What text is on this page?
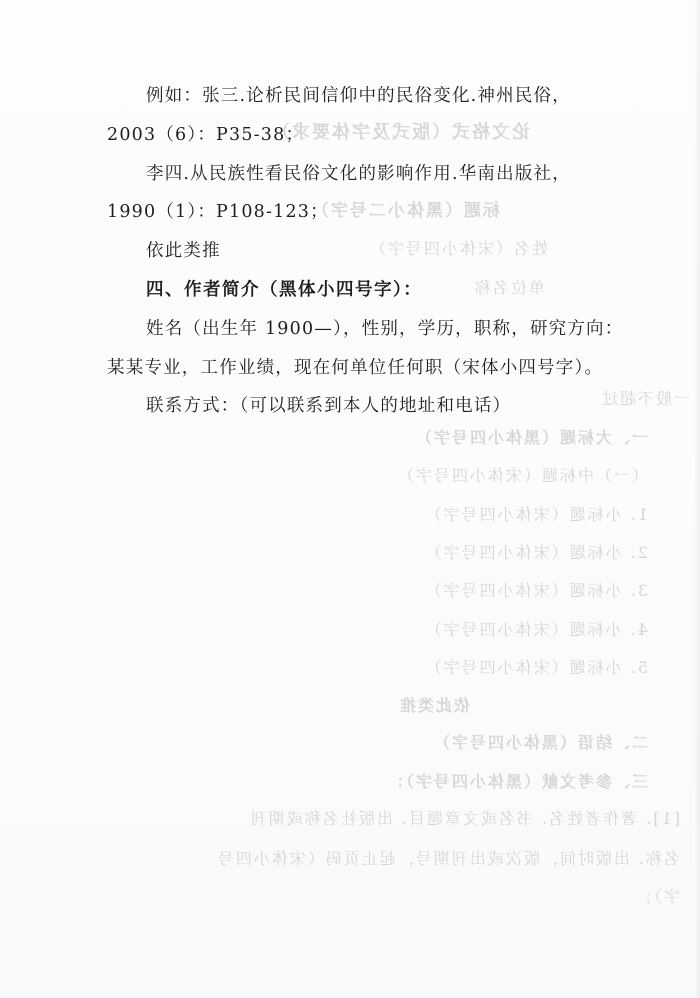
论文格式（版式及字体要求）
标题（黑体小二号字）
姓名（宋体小四号字）
单位名称
一般不超过
一、大标题（黑体小四号字）
（一）中标题（宋体小四号字）
1. 小标题（宋体小四号字）
2. 小标题（宋体小四号字）
3. 小标题（宋体小四号字）
4. 小标题（宋体小四号字）
5. 小标题（宋体小四号字）
依此类推
二、结语（黑体小四号字）
三、参考文献（黑体小四号字）：
[1]. 著作者姓名. 书名或文章题目. 出版社名称或期刊
名称. 出版时间，版次或出刊期号，起止页码（宋体小四号
字）；
例如：张三.论析民间信仰中的民俗变化.神州民俗，
2003（6）：P35-38；
李四.从民族性看民俗文化的影响作用.华南出版社，
1990（1）：P108-123；
依此类推
四、作者简介（黑体小四号字）：
姓名（出生年 1900—），性别，学历，职称，研究方向：
某某专业，工作业绩，现在何单位任何职（宋体小四号字）。
联系方式：（可以联系到本人的地址和电话）
